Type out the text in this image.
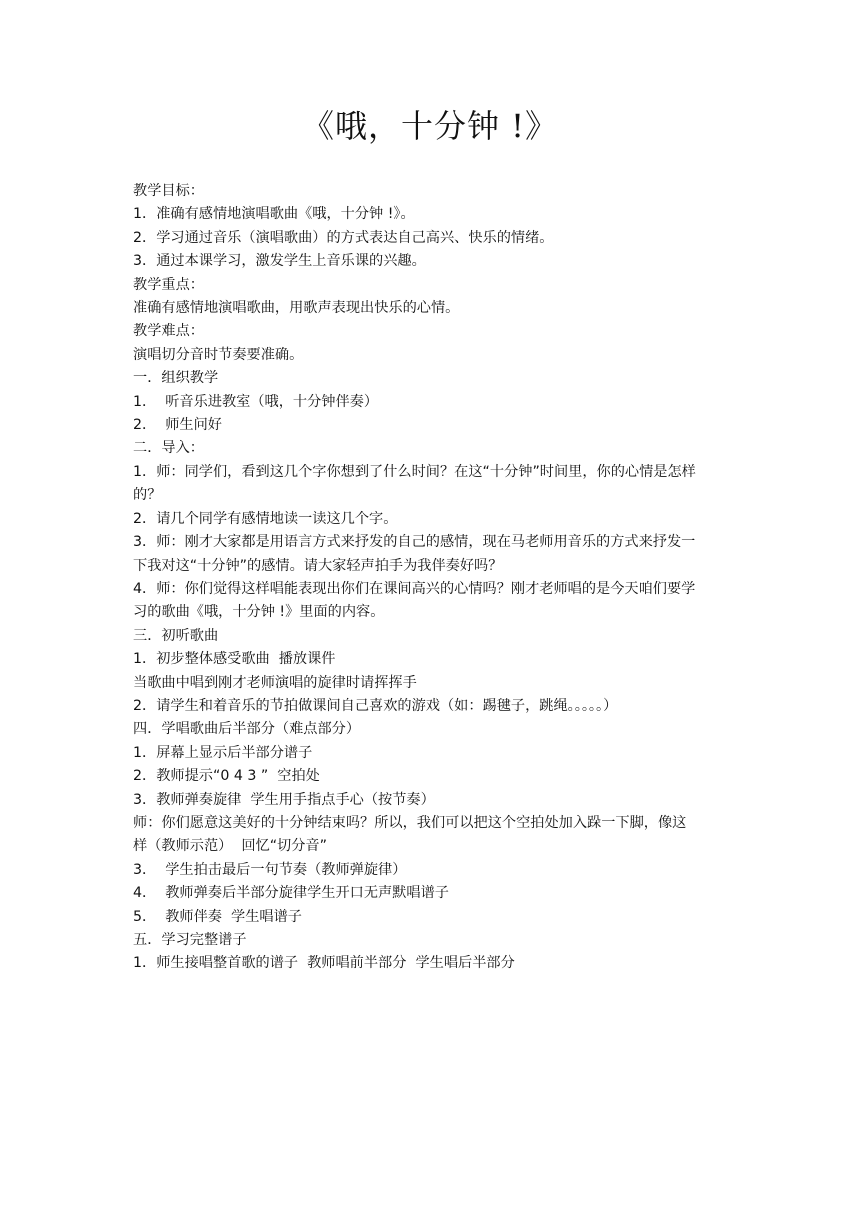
《哦，十分钟 !》

教学目标：

1．准确有感情地演唱歌曲《哦，十分钟 !》。

2．学习通过音乐（演唱歌曲）的方式表达自己高兴、快乐的情绪。

3．通过本课学习，激发学生上音乐课的兴趣。

教学重点：

准确有感情地演唱歌曲，用歌声表现出快乐的心情。

教学难点：

演唱切分音时节奏要准确。

一．组织教学

1．  听音乐进教室（哦，十分钟伴奏）

2．  师生问好

二．导入：

1．师：同学们，看到这几个字你想到了什么时间？在这“十分钟”时间里，你的心情是怎样

的？

2．请几个同学有感情地读一读这几个字。

3．师：刚才大家都是用语言方式来抒发的自己的感情，现在马老师用音乐的方式来抒发一

下我对这“十分钟”的感情。请大家轻声拍手为我伴奏好吗？

4．师：你们觉得这样唱能表现出你们在课间高兴的心情吗？刚才老师唱的是今天咱们要学

习的歌曲《哦，十分钟 !》里面的内容。

三．初听歌曲

1．初步整体感受歌曲  播放课件

当歌曲中唱到刚才老师演唱的旋律时请挥挥手

2．请学生和着音乐的节拍做课间自己喜欢的游戏（如：踢毽子，跳绳。。。。。）

四．学唱歌曲后半部分（难点部分）

1．屏幕上显示后半部分谱子

2．教师提示“0 4 3 ”  空拍处

3．教师弹奏旋律  学生用手指点手心（按节奏）

师：你们愿意这美好的十分钟结束吗？所以，我们可以把这个空拍处加入跺一下脚，像这

样（教师示范）  回忆“切分音”

3．  学生拍击最后一句节奏（教师弹旋律）

4．  教师弹奏后半部分旋律学生开口无声默唱谱子

5．  教师伴奏  学生唱谱子

五．学习完整谱子

1．师生接唱整首歌的谱子  教师唱前半部分  学生唱后半部分
